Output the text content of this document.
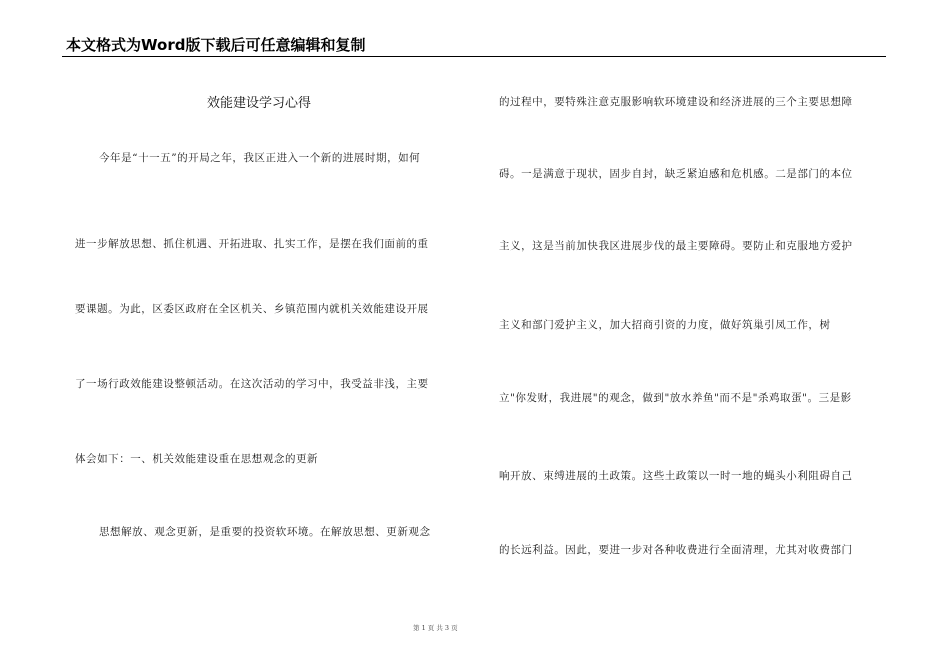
本文格式为Word版下载后可任意编辑和复制
效能建设学习心得
今年是“十一五”的开局之年，我区正进入一个新的进展时期，如何
进一步解放思想、抓住机遇、开拓进取、扎实工作，是摆在我们面前的重
要课题。为此，区委区政府在全区机关、乡镇范围内就机关效能建设开展
了一场行政效能建设整顿活动。在这次活动的学习中，我受益非浅，主要
体会如下：一、机关效能建设重在思想观念的更新
思想解放、观念更新，是重要的投资软环境。在解放思想、更新观念
的过程中，要特殊注意克服影响软环境建设和经济进展的三个主要思想障
碍。一是满意于现状，固步自封，缺乏紧迫感和危机感。二是部门的本位
主义，这是当前加快我区进展步伐的最主要障碍。要防止和克服地方爱护
主义和部门爱护主义，加大招商引资的力度，做好筑巢引凤工作，树
立"你发财，我进展"的观念，做到"放水养鱼"而不是"杀鸡取蛋"。三是影
响开放、束缚进展的土政策。这些土政策以一时一地的蝇头小利阻碍自己
的长远利益。因此，要进一步对各种收费进行全面清理，尤其对收费部门
第 1 页 共 3 页
